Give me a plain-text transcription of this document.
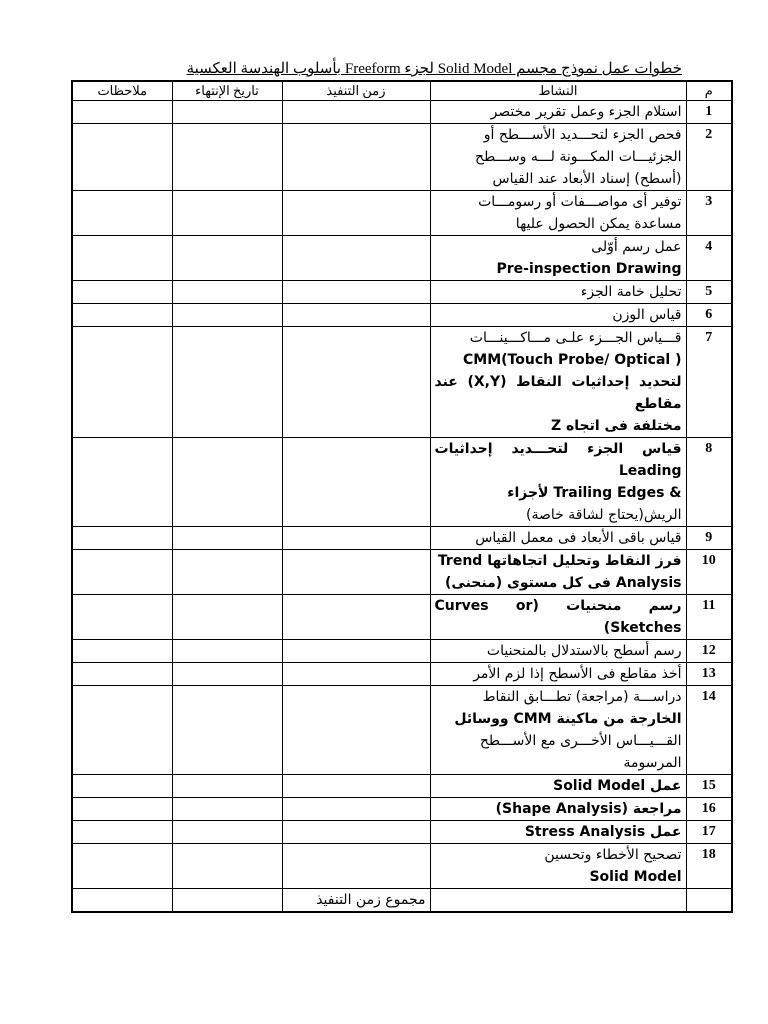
خطوات عمل نموذج مجسم Solid Model لجزء Freeform بأسلوب الهندسة العكسية
م	النشاط	زمن التنفيذ	تاريخ الإنتهاء	ملاحظات
1	استلام الجزء وعمل تقرير مختصر			

2	فحص الجزء لتحـــديد الأســـطح أو
الجزئيـــات المكـــونة لـــه وســـطح
(أسطح) إسناد الأبعاد عند القياس			

3	توفير أى مواصـــفات أو رسومـــات
مساعدة يمكن الحصول عليها			

4	عمل رسم أوّلى
Pre-inspection Drawing			

5	تحليل خامة الجزء			

6	قياس الوزن			

7	قـــياس الجـــزء علـى مـــاكـــينـــات
CMM(Touch Probe/ Optical )
لتحديد إحداثيات النقاط (X,Y) عند مقاطع
مختلفة فى اتجاه Z			

8	قياس الجزء لتحـــديد إحداثيات Leading
& Trailing Edges لأجزاء
الريش(يحتاج لشاقة خاصة)			

9	قياس باقى الأبعاد فى معمل القياس			

10	فرز النقاط وتحليل اتجاهاتها Trend
Analysis فى كل مستوى (منحنى)			

11	رسم منحنيات (Curves or Sketches)			

12	رسم أسطح بالاستدلال بالمنحنيات			

13	أخذ مقاطع فى الأسطح إذا لزم الأمر			

14	دراســـة (مراجعة) تطـــابق النقاط
الخارجة من ماكينة CMM ووسائل
القـــيـــاس الأخـــرى مع الأســـطح
المرسومة			

15	عمل Solid Model			

16	مراجعة (Shape Analysis)			

17	عمل Stress Analysis			

18	تصحيح الأخطاء وتحسين
Solid Model			

		مجموع زمن التنفيذ		
